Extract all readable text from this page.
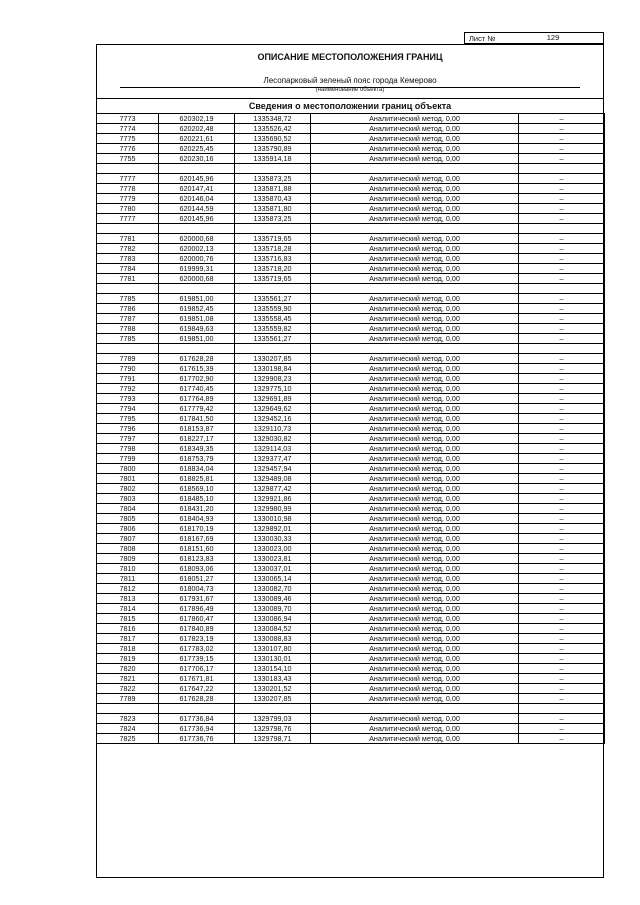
Лист №	129
ОПИСАНИЕ МЕСТОПОЛОЖЕНИЯ ГРАНИЦ
Лесопарковый зеленый пояс города Кемерово
(наименование объекта)
Сведения о местоположении границ объекта
7773	620302,19	1335348,72	Аналитический метод, 0,00	–
7774	620202,48	1335526,42	Аналитический метод, 0,00	–
7775	620221,61	1335690,52	Аналитический метод, 0,00	–
7776	620225,45	1335790,89	Аналитический метод, 0,00	–
7755	620230,16	1335914,18	Аналитический метод, 0,00	–

7777	620145,96	1335873,25	Аналитический метод, 0,00	–
7778	620147,41	1335871,88	Аналитический метод, 0,00	–
7779	620146,04	1335870,43	Аналитический метод, 0,00	–
7780	620144,59	1335871,80	Аналитический метод, 0,00	–
7777	620145,96	1335873,25	Аналитический метод, 0,00	–

7781	620000,68	1335719,65	Аналитический метод, 0,00	–
7782	620002,13	1335718,28	Аналитический метод, 0,00	–
7783	620000,76	1335716,83	Аналитический метод, 0,00	–
7784	619999,31	1335718,20	Аналитический метод, 0,00	–
7781	620000,68	1335719,65	Аналитический метод, 0,00	–

7785	619851,00	1335561,27	Аналитический метод, 0,00	–
7786	619852,45	1335559,90	Аналитический метод, 0,00	–
7787	619851,08	1335558,45	Аналитический метод, 0,00	–
7788	619849,63	1335559,82	Аналитический метод, 0,00	–
7785	619851,00	1335561,27	Аналитический метод, 0,00	–

7789	617628,28	1330207,85	Аналитический метод, 0,00	–
7790	617615,39	1330198,84	Аналитический метод, 0,00	–
7791	617702,90	1329908,23	Аналитический метод, 0,00	–
7792	617740,45	1329775,10	Аналитический метод, 0,00	–
7793	617764,89	1329691,89	Аналитический метод, 0,00	–
7794	617779,42	1329649,62	Аналитический метод, 0,00	–
7795	617841,50	1329452,16	Аналитический метод, 0,00	–
7796	618153,87	1329110,73	Аналитический метод, 0,00	–
7797	618227,17	1329030,82	Аналитический метод, 0,00	–
7798	618349,35	1329114,03	Аналитический метод, 0,00	–
7799	618753,79	1329377,47	Аналитический метод, 0,00	–
7800	618834,04	1329457,94	Аналитический метод, 0,00	–
7801	618825,81	1329489,08	Аналитический метод, 0,00	–
7802	618569,10	1329877,42	Аналитический метод, 0,00	–
7803	618485,10	1329921,86	Аналитический метод, 0,00	–
7804	618431,20	1329980,99	Аналитический метод, 0,00	–
7805	618404,93	1330010,98	Аналитический метод, 0,00	–
7806	618170,19	1329892,01	Аналитический метод, 0,00	–
7807	618167,69	1330030,33	Аналитический метод, 0,00	–
7808	618151,60	1330023,00	Аналитический метод, 0,00	–
7809	618123,83	1330023,81	Аналитический метод, 0,00	–
7810	618093,06	1330037,01	Аналитический метод, 0,00	–
7811	618051,27	1330065,14	Аналитический метод, 0,00	–
7812	618004,73	1330082,70	Аналитический метод, 0,00	–
7813	617931,67	1330089,46	Аналитический метод, 0,00	–
7814	617896,49	1330089,70	Аналитический метод, 0,00	–
7815	617860,47	1330086,94	Аналитический метод, 0,00	–
7816	617840,89	1330084,52	Аналитический метод, 0,00	–
7817	617823,19	1330088,83	Аналитический метод, 0,00	–
7818	617783,02	1330107,80	Аналитический метод, 0,00	–
7819	617739,15	1330130,01	Аналитический метод, 0,00	–
7820	617706,17	1330154,10	Аналитический метод, 0,00	–
7821	617671,81	1330183,43	Аналитический метод, 0,00	–
7822	617647,22	1330201,52	Аналитический метод, 0,00	–
7789	617628,28	1330207,85	Аналитический метод, 0,00	–

7823	617736,84	1329799,03	Аналитический метод, 0,00	–
7824	617736,94	1329798,76	Аналитический метод, 0,00	–
7825	617736,76	1329798,71	Аналитический метод, 0,00	–
